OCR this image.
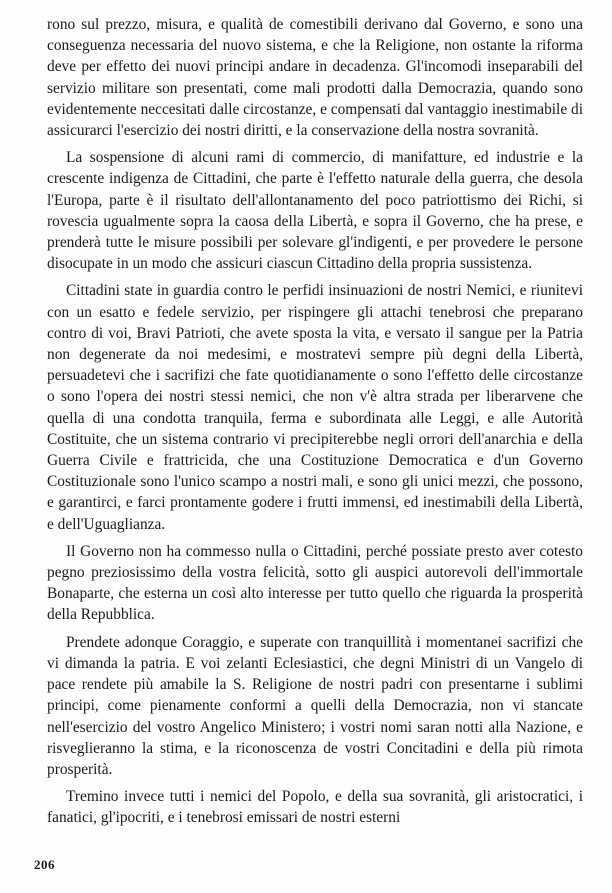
rono sul prezzo, misura, e qualità de comestibili derivano dal Governo, e sono una conseguenza necessaria del nuovo sistema, e che la Religione, non ostante la riforma deve per effetto dei nuovi principi andare in decadenza. Gl'incomodi inseparabili del servizio militare son presentati, come mali prodotti dalla Democrazia, quando sono evidentemente neccesitati dalle circostanze, e compensati dal vantaggio inestimabile di assicurarci l'esercizio dei nostri diritti, e la conservazione della nostra sovranità.

La sospensione di alcuni rami di commercio, di manifatture, ed industrie e la crescente indigenza de Cittadini, che parte è l'effetto naturale della guerra, che desola l'Europa, parte è il risultato dell'allontanamento del poco patriottismo dei Richi, si rovescia ugualmente sopra la caosa della Libertà, e sopra il Governo, che ha prese, e prenderà tutte le misure possibili per solevare gl'indigenti, e per provedere le persone disocupate in un modo che assicuri ciascun Cittadino della propria sussistenza.

Cittadini state in guardia contro le perfidi insinuazioni de nostri Nemici, e riunitevi con un esatto e fedele servizio, per rispingere gli attachi tenebrosi che preparano contro di voi, Bravi Patrioti, che avete sposta la vita, e versato il sangue per la Patria non degenerate da noi medesimi, e mostratevi sempre più degni della Libertà, persuadetevi che i sacrifizi che fate quotidianamente o sono l'effetto delle circostanze o sono l'opera dei nostri stessi nemici, che non v'è altra strada per liberarvene che quella di una condotta tranquila, ferma e subordinata alle Leggi, e alle Autorità Costituite, che un sistema contrario vi precipiterebbe negli orrori dell'anarchia e della Guerra Civile e frattricida, che una Costituzione Democratica e d'un Governo Costituzionale sono l'unico scampo a nostri mali, e sono gli unici mezzi, che possono, e garantirci, e farci prontamente godere i frutti immensi, ed inestimabili della Libertà, e dell'Uguaglianza.

Il Governo non ha commesso nulla o Cittadini, perché possiate presto aver cotesto pegno preziosissimo della vostra felicità, sotto gli auspici autorevoli dell'immortale Bonaparte, che esterna un così alto interesse per tutto quello che riguarda la prosperità della Repubblica.

Prendete adonque Coraggio, e superate con tranquillità i momentanei sacrifizi che vi dimanda la patria. E voi zelanti Eclesiastici, che degni Ministri di un Vangelo di pace rendete più amabile la S. Religione de nostri padri con presentarne i sublimi principi, come pienamente conformi a quelli della Democrazia, non vi stancate nell'esercizio del vostro Angelico Ministero; i vostri nomi saran notti alla Nazione, e risveglieranno la stima, e la riconoscenza de vostri Concitadini e della più rimota prosperità.

Tremino invece tutti i nemici del Popolo, e della sua sovranità, gli aristocratici, i fanatici, gl'ipocriti, e i tenebrosi emissari de nostri esterni

206
